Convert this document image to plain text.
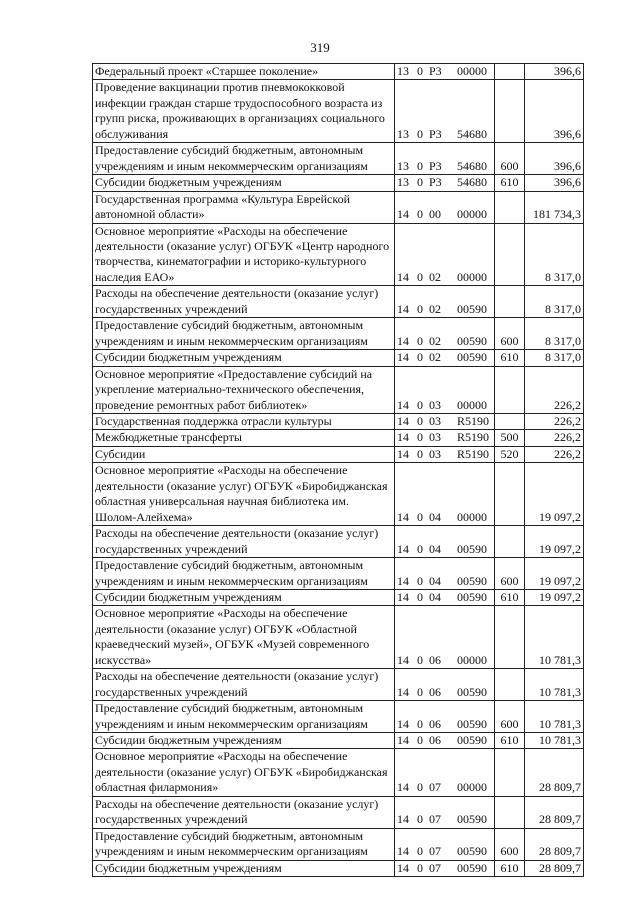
319
Федеральный проект «Старшее поколение»	13 0 P3 00000		396,6
Проведение вакцинации против пневмококковой инфекции граждан старше трудоспособного возраста из групп риска, проживающих в организациях социального обслуживания	13 0 P3 54680		396,6
Предоставление субсидий бюджетным, автономным учреждениям и иным некоммерческим организациям	13 0 P3 54680	600	396,6
Субсидии бюджетным учреждениям	13 0 P3 54680	610	396,6
Государственная программа «Культура Еврейской автономной области»	14 0 00 00000		181 734,3
Основное мероприятие «Расходы на обеспечение деятельности (оказание услуг) ОГБУК «Центр народного творчества, кинематографии и историко-культурного наследия ЕАО»	14 0 02 00000		8 317,0
Расходы на обеспечение деятельности (оказание услуг) государственных учреждений	14 0 02 00590		8 317,0
Предоставление субсидий бюджетным, автономным учреждениям и иным некоммерческим организациям	14 0 02 00590	600	8 317,0
Субсидии бюджетным учреждениям	14 0 02 00590	610	8 317,0
Основное мероприятие «Предоставление субсидий на укрепление материально-технического обеспечения, проведение ремонтных работ библиотек»	14 0 03 00000		226,2
Государственная поддержка отрасли культуры	14 0 03 R5190		226,2
Межбюджетные трансферты	14 0 03 R5190	500	226,2
Субсидии	14 0 03 R5190	520	226,2
Основное мероприятие «Расходы на обеспечение деятельности (оказание услуг) ОГБУК «Биробиджанская областная универсальная научная библиотека им. Шолом-Алейхема»	14 0 04 00000		19 097,2
Расходы на обеспечение деятельности (оказание услуг) государственных учреждений	14 0 04 00590		19 097,2
Предоставление субсидий бюджетным, автономным учреждениям и иным некоммерческим организациям	14 0 04 00590	600	19 097,2
Субсидии бюджетным учреждениям	14 0 04 00590	610	19 097,2
Основное мероприятие «Расходы на обеспечение деятельности (оказание услуг) ОГБУК «Областной краеведческий музей», ОГБУК «Музей современного искусства»	14 0 06 00000		10 781,3
Расходы на обеспечение деятельности (оказание услуг) государственных учреждений	14 0 06 00590		10 781,3
Предоставление субсидий бюджетным, автономным учреждениям и иным некоммерческим организациям	14 0 06 00590	600	10 781,3
Субсидии бюджетным учреждениям	14 0 06 00590	610	10 781,3
Основное мероприятие «Расходы на обеспечение деятельности (оказание услуг) ОГБУК «Биробиджанская областная филармония»	14 0 07 00000		28 809,7
Расходы на обеспечение деятельности (оказание услуг) государственных учреждений	14 0 07 00590		28 809,7
Предоставление субсидий бюджетным, автономным учреждениям и иным некоммерческим организациям	14 0 07 00590	600	28 809,7
Субсидии бюджетным учреждениям	14 0 07 00590	610	28 809,7
